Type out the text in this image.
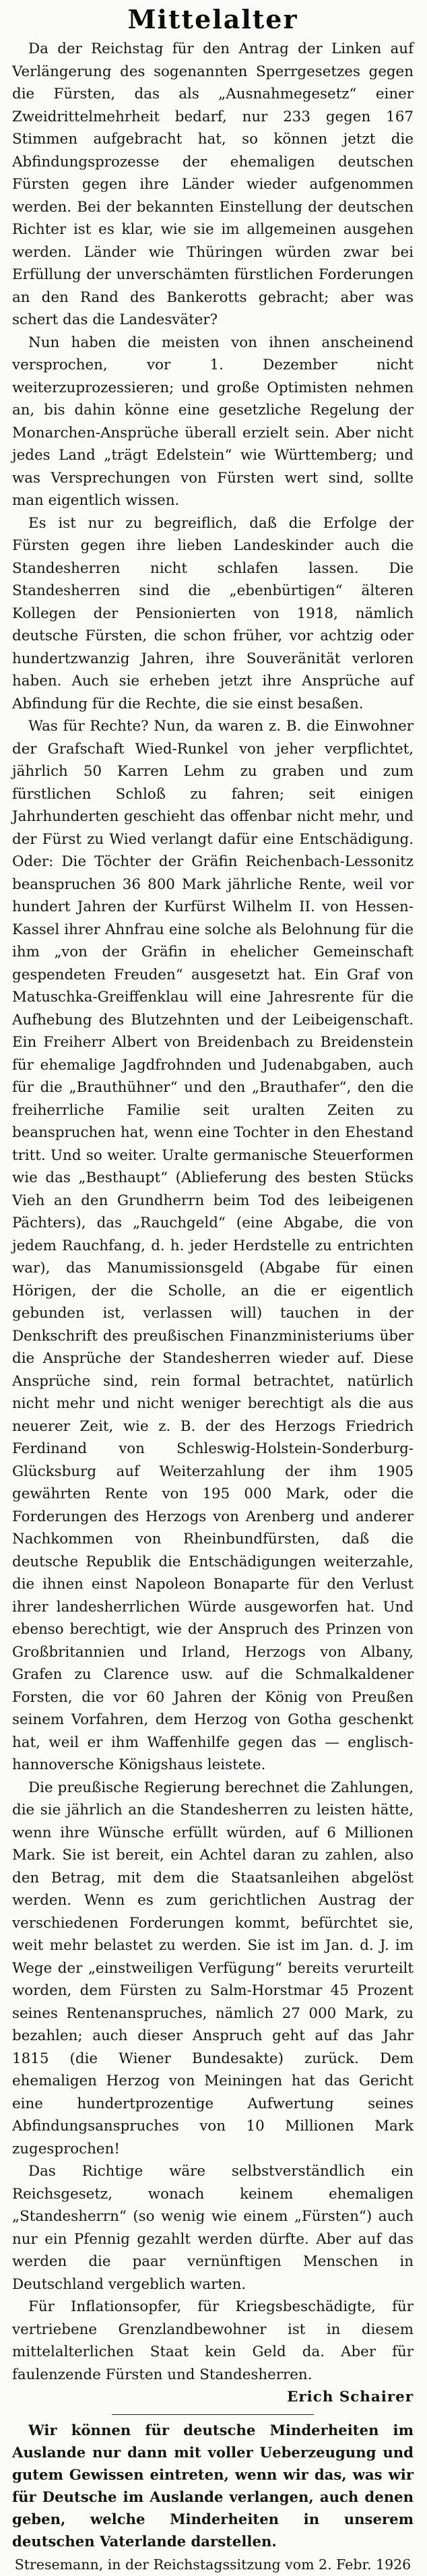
Mittelalter

Da der Reichstag für den Antrag der Linken auf Verlängerung des sogenannten Sperrgesetzes gegen die Fürsten, das als „Ausnahmegesetz“ einer Zweidrittelmehrheit bedarf, nur 233 gegen 167 Stimmen aufgebracht hat, so können jetzt die Abfindungsprozesse der ehemaligen deutschen Fürsten gegen ihre Länder wieder aufgenommen werden. Bei der bekannten Einstellung der deutschen Richter ist es klar, wie sie im allgemeinen ausgehen werden. Länder wie Thüringen würden zwar bei Erfüllung der unverschämten fürstlichen Forderungen an den Rand des Bankerotts gebracht; aber was schert das die Landesväter?

Nun haben die meisten von ihnen anscheinend versprochen, vor 1. Dezember nicht weiterzuprozessieren; und große Optimisten nehmen an, bis dahin könne eine gesetzliche Regelung der Monarchen-Ansprüche überall erzielt sein. Aber nicht jedes Land „trägt Edelstein“ wie Württemberg; und was Versprechungen von Fürsten wert sind, sollte man eigentlich wissen.

Es ist nur zu begreiflich, daß die Erfolge der Fürsten gegen ihre lieben Landeskinder auch die Standesherren nicht schlafen lassen. Die Standesherren sind die „ebenbürtigen“ älteren Kollegen der Pensionierten von 1918, nämlich deutsche Fürsten, die schon früher, vor achtzig oder hundertzwanzig Jahren, ihre Souveränität verloren haben. Auch sie erheben jetzt ihre Ansprüche auf Abfindung für die Rechte, die sie einst besaßen.

Was für Rechte? Nun, da waren z. B. die Einwohner der Grafschaft Wied-Runkel von jeher verpflichtet, jährlich 50 Karren Lehm zu graben und zum fürstlichen Schloß zu fahren; seit einigen Jahrhunderten geschieht das offenbar nicht mehr, und der Fürst zu Wied verlangt dafür eine Entschädigung. Oder: Die Töchter der Gräfin Reichenbach-Lessonitz beanspruchen 36 800 Mark jährliche Rente, weil vor hundert Jahren der Kurfürst Wilhelm II. von Hessen-Kassel ihrer Ahnfrau eine solche als Belohnung für die ihm „von der Gräfin in ehelicher Gemeinschaft gespendeten Freuden“ ausgesetzt hat. Ein Graf von Matuschka-Greiffenklau will eine Jahresrente für die Aufhebung des Blutzehnten und der Leibeigenschaft. Ein Freiherr Albert von Breidenbach zu Breidenstein für ehemalige Jagdfrohnden und Judenabgaben, auch für die „Brauthühner“ und den „Brauthafer“, den die freiherrliche Familie seit uralten Zeiten zu beanspruchen hat, wenn eine Tochter in den Ehestand tritt. Und so weiter. Uralte germanische Steuerformen wie das „Besthaupt“ (Ablieferung des besten Stücks Vieh an den Grundherrn beim Tod des leibeigenen Pächters), das „Rauchgeld“ (eine Abgabe, die von jedem Rauchfang, d. h. jeder Herdstelle zu entrichten war), das Manumissionsgeld (Abgabe für einen Hörigen, der die Scholle, an die er eigentlich gebunden ist, verlassen will) tauchen in der Denkschrift des preußischen Finanzministeriums über die Ansprüche der Standesherren wieder auf. Diese Ansprüche sind, rein formal betrachtet, natürlich nicht mehr und nicht weniger berechtigt als die aus neuerer Zeit, wie z. B. der des Herzogs Friedrich Ferdinand von Schleswig-Holstein-Sonderburg-Glücksburg auf Weiterzahlung der ihm 1905 gewährten Rente von 195 000 Mark, oder die Forderungen des Herzogs von Arenberg und anderer Nachkommen von Rheinbundfürsten, daß die deutsche Republik die Entschädigungen weiterzahle, die ihnen einst Napoleon Bonaparte für den Verlust ihrer landesherrlichen Würde ausgeworfen hat. Und ebenso berechtigt, wie der Anspruch des Prinzen von Großbritannien und Irland, Herzogs von Albany, Grafen zu Clarence usw. auf die Schmalkaldener Forsten, die vor 60 Jahren der König von Preußen seinem Vorfahren, dem Herzog von Gotha geschenkt hat, weil er ihm Waffenhilfe gegen das — englisch-hannoversche Königshaus leistete.

Die preußische Regierung berechnet die Zahlungen, die sie jährlich an die Standesherren zu leisten hätte, wenn ihre Wünsche erfüllt würden, auf 6 Millionen Mark. Sie ist bereit, ein Achtel daran zu zahlen, also den Betrag, mit dem die Staatsanleihen abgelöst werden. Wenn es zum gerichtlichen Austrag der verschiedenen Forderungen kommt, befürchtet sie, weit mehr belastet zu werden. Sie ist im Jan. d. J. im Wege der „einstweiligen Verfügung“ bereits verurteilt worden, dem Fürsten zu Salm-Horstmar 45 Prozent seines Rentenanspruches, nämlich 27 000 Mark, zu bezahlen; auch dieser Anspruch geht auf das Jahr 1815 (die Wiener Bundesakte) zurück. Dem ehemaligen Herzog von Meiningen hat das Gericht eine hundertprozentige Aufwertung seines Abfindungsanspruches von 10 Millionen Mark zugesprochen!

Das Richtige wäre selbstverständlich ein Reichsgesetz, wonach keinem ehemaligen „Standesherrn“ (so wenig wie einem „Fürsten“) auch nur ein Pfennig gezahlt werden dürfte. Aber auf das werden die paar vernünftigen Menschen in Deutschland vergeblich warten.

Für Inflationsopfer, für Kriegsbeschädigte, für vertriebene Grenzlandbewohner ist in diesem mittelalterlichen Staat kein Geld da. Aber für faulenzende Fürsten und Standesherren.

Erich Schairer

Wir können für deutsche Minderheiten im Auslande nur dann mit voller Ueberzeugung und gutem Gewissen eintreten, wenn wir das, was wir für Deutsche im Auslande verlangen, auch denen geben, welche Minderheiten in unserem deutschen Vaterlande darstellen.

Stresemann, in der Reichstagssitzung vom 2. Febr. 1926
